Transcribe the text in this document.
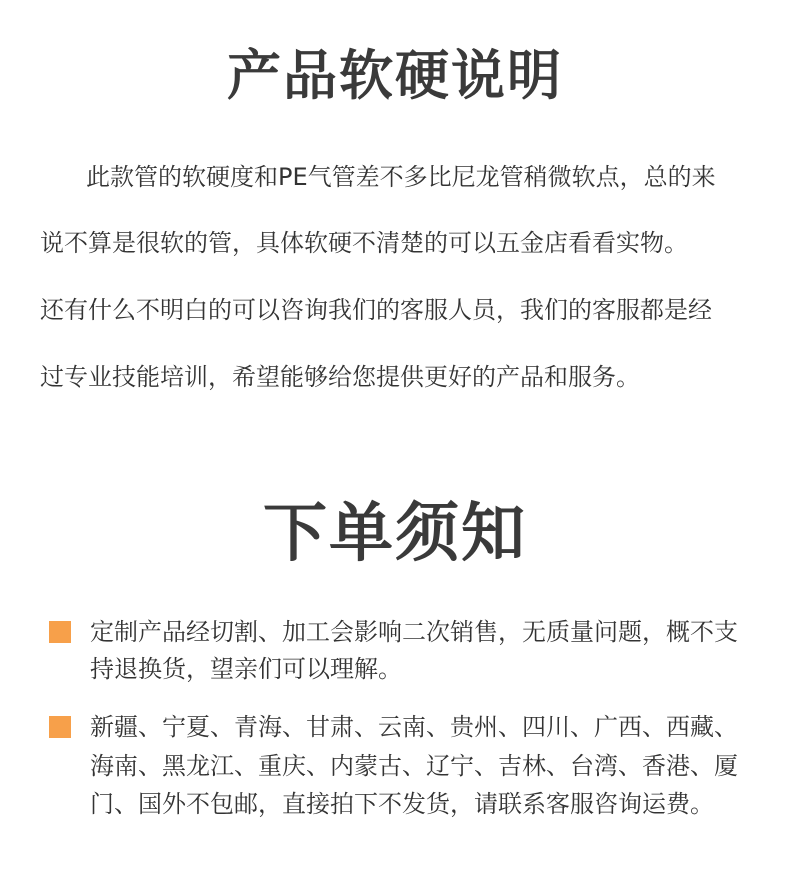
产品软硬说明
此款管的软硬度和PE气管差不多比尼龙管稍微软点，总的来
说不算是很软的管，具体软硬不清楚的可以五金店看看实物。
还有什么不明白的可以咨询我们的客服人员，我们的客服都是经
过专业技能培训，希望能够给您提供更好的产品和服务。
下单须知
定制产品经切割、加工会影响二次销售，无质量问题，概不支
持退换货，望亲们可以理解。
新疆、宁夏、青海、甘肃、云南、贵州、四川、广西、西藏、
海南、黑龙江、重庆、内蒙古、辽宁、吉林、台湾、香港、厦
门、国外不包邮，直接拍下不发货，请联系客服咨询运费。
